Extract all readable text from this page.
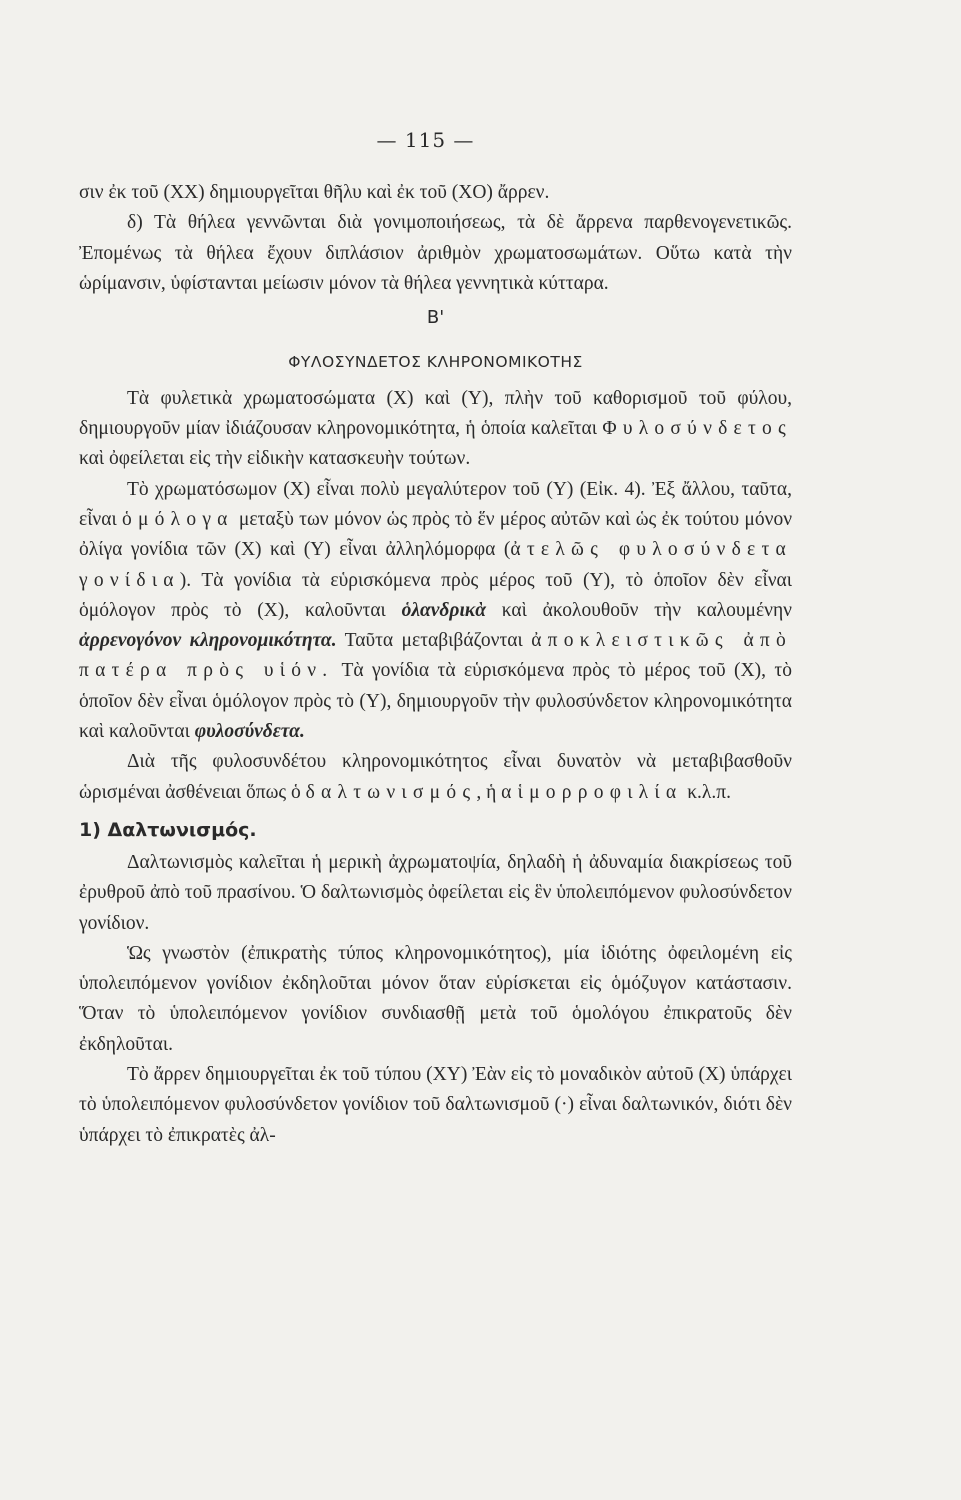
— 115 —

σιν ἐκ τοῦ (ΧΧ) δημιουργεῖται θῆλυ καὶ ἐκ τοῦ (ΧΟ) ἄρρεν.

δ) Τὰ θήλεα γεννῶνται διὰ γονιμοποιήσεως, τὰ δὲ ἄρρενα παρθενογενετικῶς. Ἐπομένως τὰ θήλεα ἔχουν διπλάσιον ἀριθμὸν χρωματοσωμάτων. Οὕτω κατὰ τὴν ὡρίμανσιν, ὑφίστανται μείωσιν μόνον τὰ θήλεα γεννητικὰ κύτταρα.

Β'
ΦΥΛΟΣΥΝΔΕΤΟΣ ΚΛΗΡΟΝΟΜΙΚΟΤΗΣ

Τὰ φυλετικὰ χρωματοσώματα (Χ) καὶ (Υ), πλὴν τοῦ καθορισμοῦ τοῦ φύλου, δημιουργοῦν μίαν ἰδιάζουσαν κληρονομικότητα, ἡ ὁποία καλεῖται Φυλοσύνδετος καὶ ὀφείλεται εἰς τὴν εἰδικὴν κατασκευὴν τούτων.

Τὸ χρωματόσωμον (Χ) εἶναι πολὺ μεγαλύτερον τοῦ (Υ) (Εἰκ. 4). Ἐξ ἄλλου, ταῦτα, εἶναι ὁμόλογα μεταξὺ των μόνον ὡς πρὸς τὸ ἕν μέρος αὐτῶν καὶ ὡς ἐκ τούτου μόνον ὀλίγα γονίδια τῶν (Χ) καὶ (Υ) εἶναι ἀλληλόμορφα (ἀτελῶς φυλοσύνδετα γονίδια). Τὰ γονίδια τὰ εὑρισκόμενα πρὸς μέρος τοῦ (Υ), τὸ ὁποῖον δὲν εἶναι ὁμόλογον πρὸς τὸ (Χ), καλοῦνται ὁλανδρικὰ καὶ ἀκολουθοῦν τὴν καλουμένην ἀρρενογόνον κληρονομικότητα. Ταῦτα μεταβιβάζονται ἀποκλειστικῶς ἀπὸ πατέρα πρὸς υἱόν. Τὰ γονίδια τὰ εὑρισκόμενα πρὸς τὸ μέρος τοῦ (Χ), τὸ ὁποῖον δὲν εἶναι ὁμόλογον πρὸς τὸ (Υ), δημιουργοῦν τὴν φυλοσύνδετον κληρονομικότητα καὶ καλοῦνται φυλοσύνδετα.

Διὰ τῆς φυλοσυνδέτου κληρονομικότητος εἶναι δυνατὸν νὰ μεταβιβασθοῦν ὡρισμέναι ἀσθένειαι ὅπως ὁ δαλτωνισμός, ἡ αἱμορροφιλία κ.λ.π.

1) Δαλτωνισμός.

Δαλτωνισμὸς καλεῖται ἡ μερικὴ ἀχρωματοψία, δηλαδὴ ἡ ἀδυναμία διακρίσεως τοῦ ἐρυθροῦ ἀπὸ τοῦ πρασίνου. Ὁ δαλτωνισμὸς ὀφείλεται εἰς ἓν ὑπολειπόμενον φυλοσύνδετον γονίδιον.

Ὡς γνωστὸν (ἐπικρατὴς τύπος κληρονομικότητος), μία ἰδιότης ὀφειλομένη εἰς ὑπολειπόμενον γονίδιον ἐκδηλοῦται μόνον ὅταν εὑρίσκεται εἰς ὁμόζυγον κατάστασιν. Ὅταν τὸ ὑπολειπόμενον γονίδιον συνδιασθῇ μετὰ τοῦ ὁμολόγου ἐπικρατοῦς δὲν ἐκδηλοῦται.

Τὸ ἄρρεν δημιουργεῖται ἐκ τοῦ τύπου (ΧΥ) Ἐὰν εἰς τὸ μοναδικὸν αὐτοῦ (Χ) ὑπάρχει τὸ ὑπολειπόμενον φυλοσύνδετον γονίδιον τοῦ δαλτωνισμοῦ (·) εἶναι δαλτωνικόν, διότι δὲν ὑπάρχει τὸ ἐπικρατὲς ἀλ-
